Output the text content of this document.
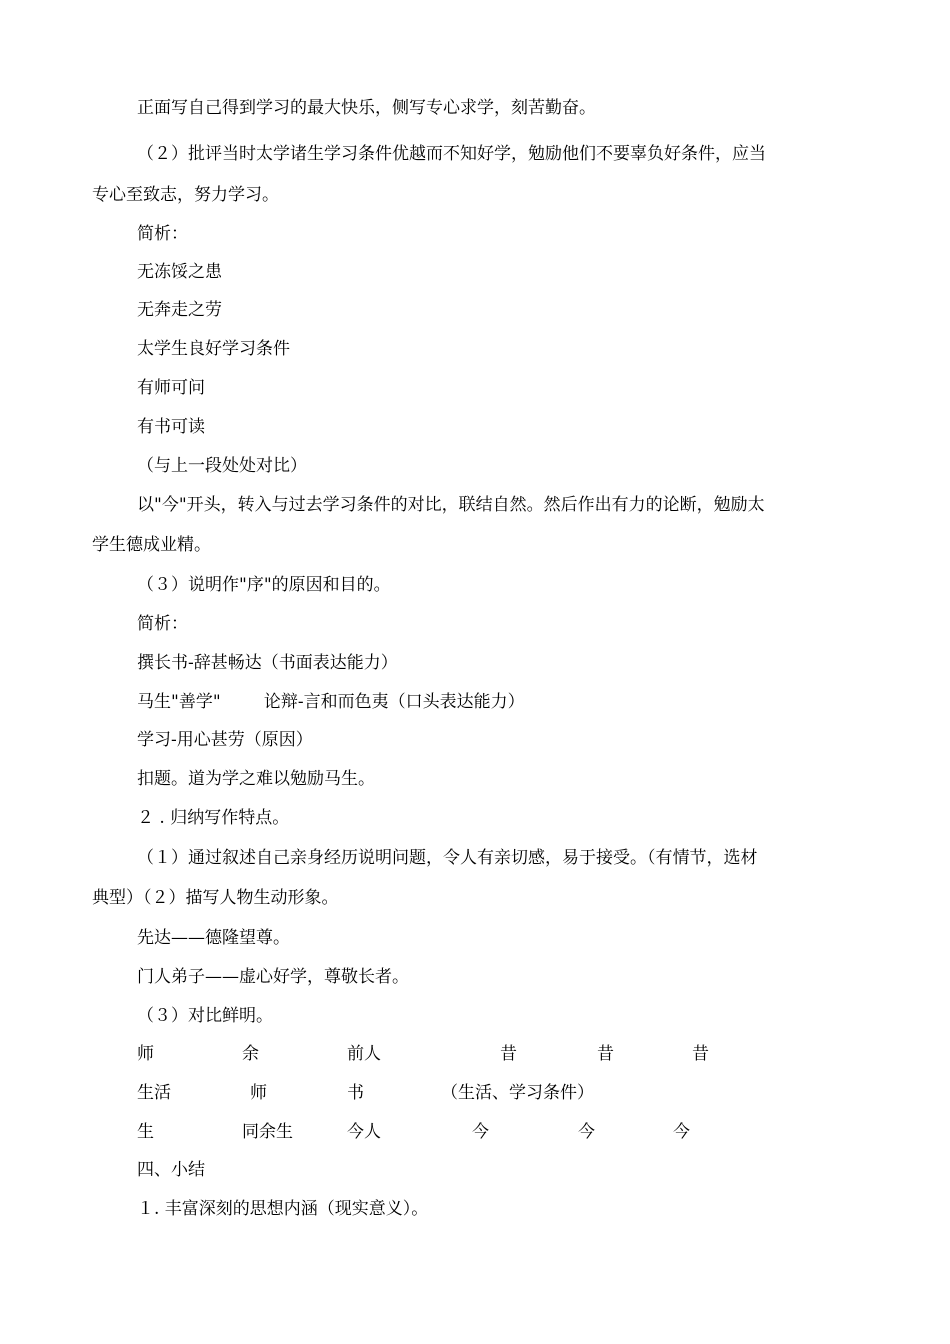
正面写自己得到学习的最大快乐，侧写专心求学，刻苦勤奋。
（２）批评当时太学诸生学习条件优越而不知好学，勉励他们不要辜负好条件，应当
专心至致志，努力学习。
简析：
无冻馁之患
无奔走之劳
太学生良好学习条件
有师可问
有书可读
（与上一段处处对比）
以"今"开头，转入与过去学习条件的对比，联结自然。然后作出有力的论断，勉励太
学生德成业精。
（３）说明作"序"的原因和目的。
简析：
撰长书-辞甚畅达（书面表达能力）
马生"善学"        论辩-言和而色夷（口头表达能力）
学习-用心甚劳（原因）
扣题。道为学之难以勉励马生。
２ . 归纳写作特点。
（１）通过叙述自己亲身经历说明问题，令人有亲切感，易于接受。（有情节，选材
典型）（２）描写人物生动形象。
先达——德隆望尊。
门人弟子——虚心好学，尊敬长者。
（３）对比鲜明。
师	余	前人	昔	昔	昔
生活	师	书	（生活、学习条件）
生	同余生	今人	今	今	今
四、小结
１. 丰富深刻的思想内涵（现实意义）。
